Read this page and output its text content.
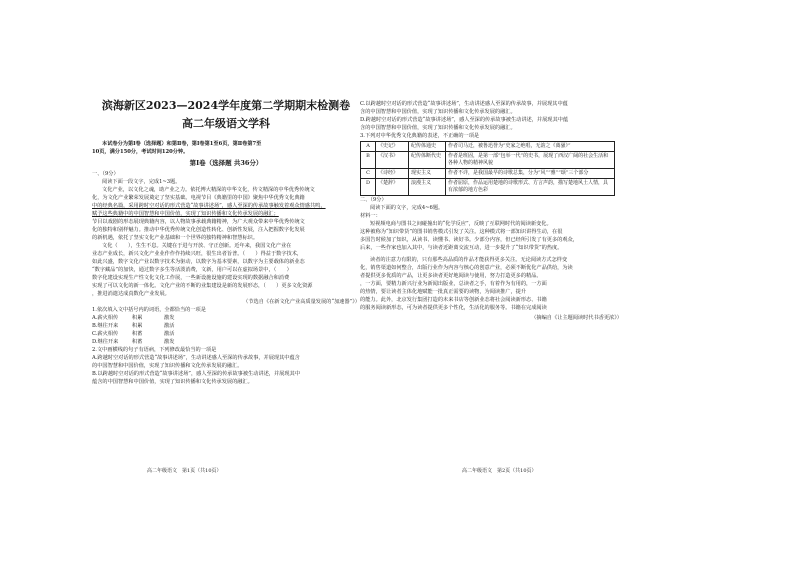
滨海新区2023—2024学年度第二学期期末检测卷

高二年级语文学科

本试卷分为第Ⅰ卷（选择题）和第Ⅱ卷，第Ⅰ卷第1至6页，第Ⅱ卷第7至

10页，满分150分，考试时间120分钟。

第Ⅰ卷（选择题 共36分）

一、（9分）

阅读下面一段文字，完成1~3题。

文化产业，以文化之魂，助产业之力。依托博大精深的中华文化，传文精深的中华优秀传统文

化，为文化产业繁荣发展奠定了坚实基础。电视节目《典籍里的中国》聚焦中华优秀文化典籍

中的经典名篇，采用跨时空对话的形式营造“故事讲述场”，感人至深的传承故事触发着观众情感共鸣，

赋予这些典籍中的中国智慧和中国价值，实现了知识传播和文化传承发展的融汇；

节目以戏剧的形态展现典籍内容，以人物故事承载典籍精神，为广大观众带来中华优秀传统文

化的独特和别样魅力。推动中华优秀传统文化创造性转化、创新性发展，注入把握数字化发展

的新机遇，依托了坚实文化产业基础和一个世界的独特精神和智慧标识。

文化（　　），生生不息。关键在于进与开放、守正创新。近年来，我国文化产业在

业态产业成长，新兴文化产业业作作作持续兴旺，很生出者旨普。（　　）得益于数字技术，

如此兴盛，数字文化产业以数字技术为驱动，以数字为基本要素，以数字为主要载体的新业态

“数字藏品”的加快，通过数字多生等活泼消费，文新，用户可以在虚拟场景中，（　　）

数字化建设实现生产性文化文化工作展，一些新设施设施的建设实现的数据融合和消费

实现了可以文化的新一体化。文化产业的不断的业集建设是新的发展形态，（　　）更多文化资源

，推进消遣达成真数化产业发展。

（节选自《在新文化产业高质量发展的“加速器”》）

1.依次填入文中括号内的词语，全都恰当的一项是

A.薪火相传	积累	激发
B.继往开来	积累	激活
C.薪火相传	积蓄	激活
D.继往开来	积蓄	激发

2.文中画横线的句子有语病，下列修改最恰当的一项是

A.跨越时空对话的形式营造“故事讲述场”，生动讲述感人至深的传承故事，并展现其中蕴含

的中国智慧和中国价值，实现了知识传播和文化传承发展的融汇。

B.以跨越时空对话的形式营造“故事讲述场”，感人至深的传承故事被生动讲述，并展现其中

蕴含的中国智慧和中国价值，实现了知识传播和文化传承发展的融汇。

高二年级语文　第1页（共10页）

C.以跨越时空对话的形式营造“故事讲述场”，生动讲述感人至深的传承故事，并展现其中蕴

含的中国智慧和中国价值，实现了知识传播和文化传承发展的融汇。

D.跨越时空对话的形式营造“故事讲述场”，感人至深的传承故事被生动讲述，并展现其中蕴

含的中国智慧和中国价值，实现了知识传播和文化传承发展的融汇。

3.下列对中华优秀文化典籍的表述，不正确的一项是

A	《史记》	纪传体通史	作者司马迁，被鲁迅誉为“史家之绝唱，无韵之《离骚》”
B	《汉书》	纪传体断代史	作者是班固，是第一部“包举一代”的史书，展现了西汉广阔的社会生活和各种人物的精神风貌
C	《诗经》	现实主义	作者不详，是我国最早的诗歌总集，分为“风”“雅”“颂”三个部分
D	《楚辞》	浪漫主义	作者屈原，作品运用楚地的诗歌形式、方言声韵，描写楚地风土人情，具有浓郁的地方色彩

二、（9分）

阅读下面的文字，完成4~6题。

材料一：

短视频电商与图书之间碰撞出的“化学反应”，反映了互联网时代的阅读新变化。

这种被称为“知识带货”的图书销售模式引发了关注。这种模式将一部知识讲得生动，在很

多国告时候加了知识，从读书、读懂书、读好书。少部分内容，但已经所引发了有更多的观众，

后来，一些作家也加入其中，与读者近距离交流互动，进一步提升了“知识带货”的热度。

读者的注意力有限的，只有那些高品质的作品才能获得更多关注。无论阅读方式怎样变

化，销售渠道如何整合，出版行业作为内容与核心的创意产业，必须不断优化产品供给，为读

者提供更多优质的产品，让更多读者更好地阅读与使用，努力打造更多的精品。

，一方面，要精力新兴行业为新闻出版业，总读者之手，有着作为有用的，一方面

的热情，要让读者主体化地赋能一批真正需要的读物，为阅读推广，提升

的能力。此外，北京发行集团打造的未来书店等创新业态将社会阅读新形态、书籍

的服务阅读新形态，可为读者提供更多个性化，生活化的服务等。书籍在完成阅读

（摘编自《让主题阅读时代书香更浓》）

高二年级语文　第2页（共10页）
